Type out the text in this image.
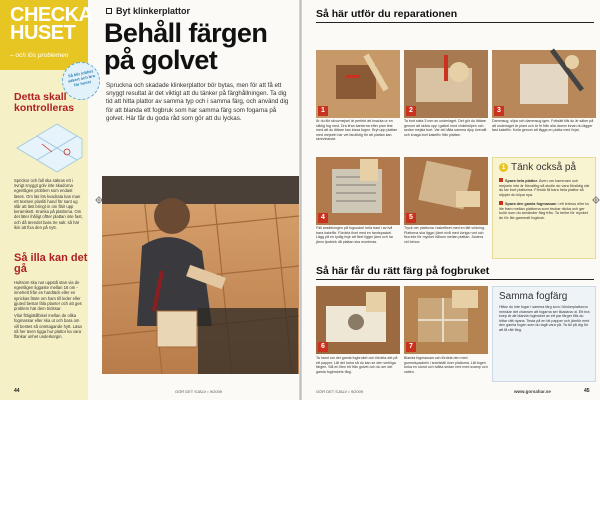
CHECKA
HUSET
– och lös problemen
Detta skall kontrolleras

Sprickor och fall ska säkras ett i övrigt snyggt golv inte skadorna egentligen problem som endast läses. Om läs lös kvadrata kan man ett textsen plusliti hand för sant ug slår att läst bringt in om fläir upp keramikett. Kranka på plattorna. Om det läter ihåligt oftter plattan inte fast, och då ärendet bara tre sak: så här ikin att fixa den på nytt.

Så illa kan det gå

Hultsom ska nar uppstå stan via de egentligen liggaste mellan 18 om - innehett från en hardtäck eller en sprickas fäste om ham till leder eller gjuted bestar fäla planter och att ges problem här dem tridssar.

Vilar fittigiätillbisel mellan de olika fogmassar eller ska ut och bara om vill bestes så onmtagande hytt. Läsa så her även tigga hur plattor ka vara flänkar unhet underkorgin.

Så blir jobbet säkert och bra för huset
Byt klinkerplattor
Behåll färgen på golvet
Spruckna och skadade klinkerplattor bör bytas, men för att få ett snyggt resultat är det viktigt att du tänker på färghållningen. Ta dig tid att hitta plattor av samma typ och i samma färg, och använd dig för att blanda ett fogbruk som har samma färg som fogarna på golvet. Här får du goda råd som gör att du lyckas.
Vinkelslip och fogganspat
är bra verktyg när du mest ska ta bort fogarna runt plattan. När fogen är borta lossar du plattan med hammaren och mejsel eller i värsta fall slår sönder den och rensar upp bitarna.
44	GÖR DET SJÄLV • 9/2009
Så här utför du reparationen
1
Är du likt skruvmejsel är perfekt att knacka ur en sliktig fog med. Dra ifran kanterna efter plan fest med att du lättare kan lossa fogen. Bryt upp plattan med mejseln har vet faroliktig för att plattan kan skrevinande.
2
Ta bort sista 3 mm av underlaget. Det gör du lättare genom att skära upp i gatkel med vinkelslipen och sedan mejsla bort. Var att hålla samma djup överallt och knaga bort kakelfix från plattan.
3
Dammsug, slipa och dammsug igen. Fottsätt tills du är säker på att underlaget är plant och är fri från alla damm innan du lägger fast kakelfix. Kolla genom att lägga en platta med linjal.
4
Fäll ansiktningen på fogsockel hela trast i av två bara kakelfix. Fördela fixet med en tandspackel. Lägg på en tydlig linje att fixet ligger jämt och ha jämn tjocklek då plattan ska monteras.
5
Tryck ner plattorna i kakelfixet med en lätt vridning. Plattorna ska ligga i jämt nivå med övriga runt och fixa inte för mycket hålrum mellan plattan. Justera vid behov.
1 Tänk också på

Spara hela plattor. Även om hammarn och mejseln inte är förvaltbg så skulle du vara försiktig när du tar bort plattorna. Försök få bara hela plattor så slipper du köpa nya.

Spara den gamla fogmassan i ett lerkrus eller ta lite fram mellan plattorna som brukar räcka och ger kulör som du använder färg från. Ta hellre för mycket än för lite gammalt fogbruk.

Så här får du rätt färg på fogbruket
6
Ta hand om det gamla fogbruket och fördela det på ett papper. Låt det torka så du kan se den verkliga färgen. Slå en liten bit från golvet och du ser det gamla fogbrukets färg.
7
Blanda fogmassan och fördela den med gummispackeln i snedställ över plattorna. Låt fogen torka en stund och tvätta sedan rent med svamp och vatten.
Samma fogfärg
Hittar du inte fogar i samma färg som i klinkerplattorna minskar det chansen att fogarna ser likadana ut. Ett bra knep är att blanda fogbruket av ett par färger tills du hittar rätt nyans. Testa på en bit papper och jämför med den gamla fogen som du tagit vara på. Ta tid på dig för att få rätt färg.
GÖR DET SJÄLV • 9/2009	www.gorsahar.se	45
